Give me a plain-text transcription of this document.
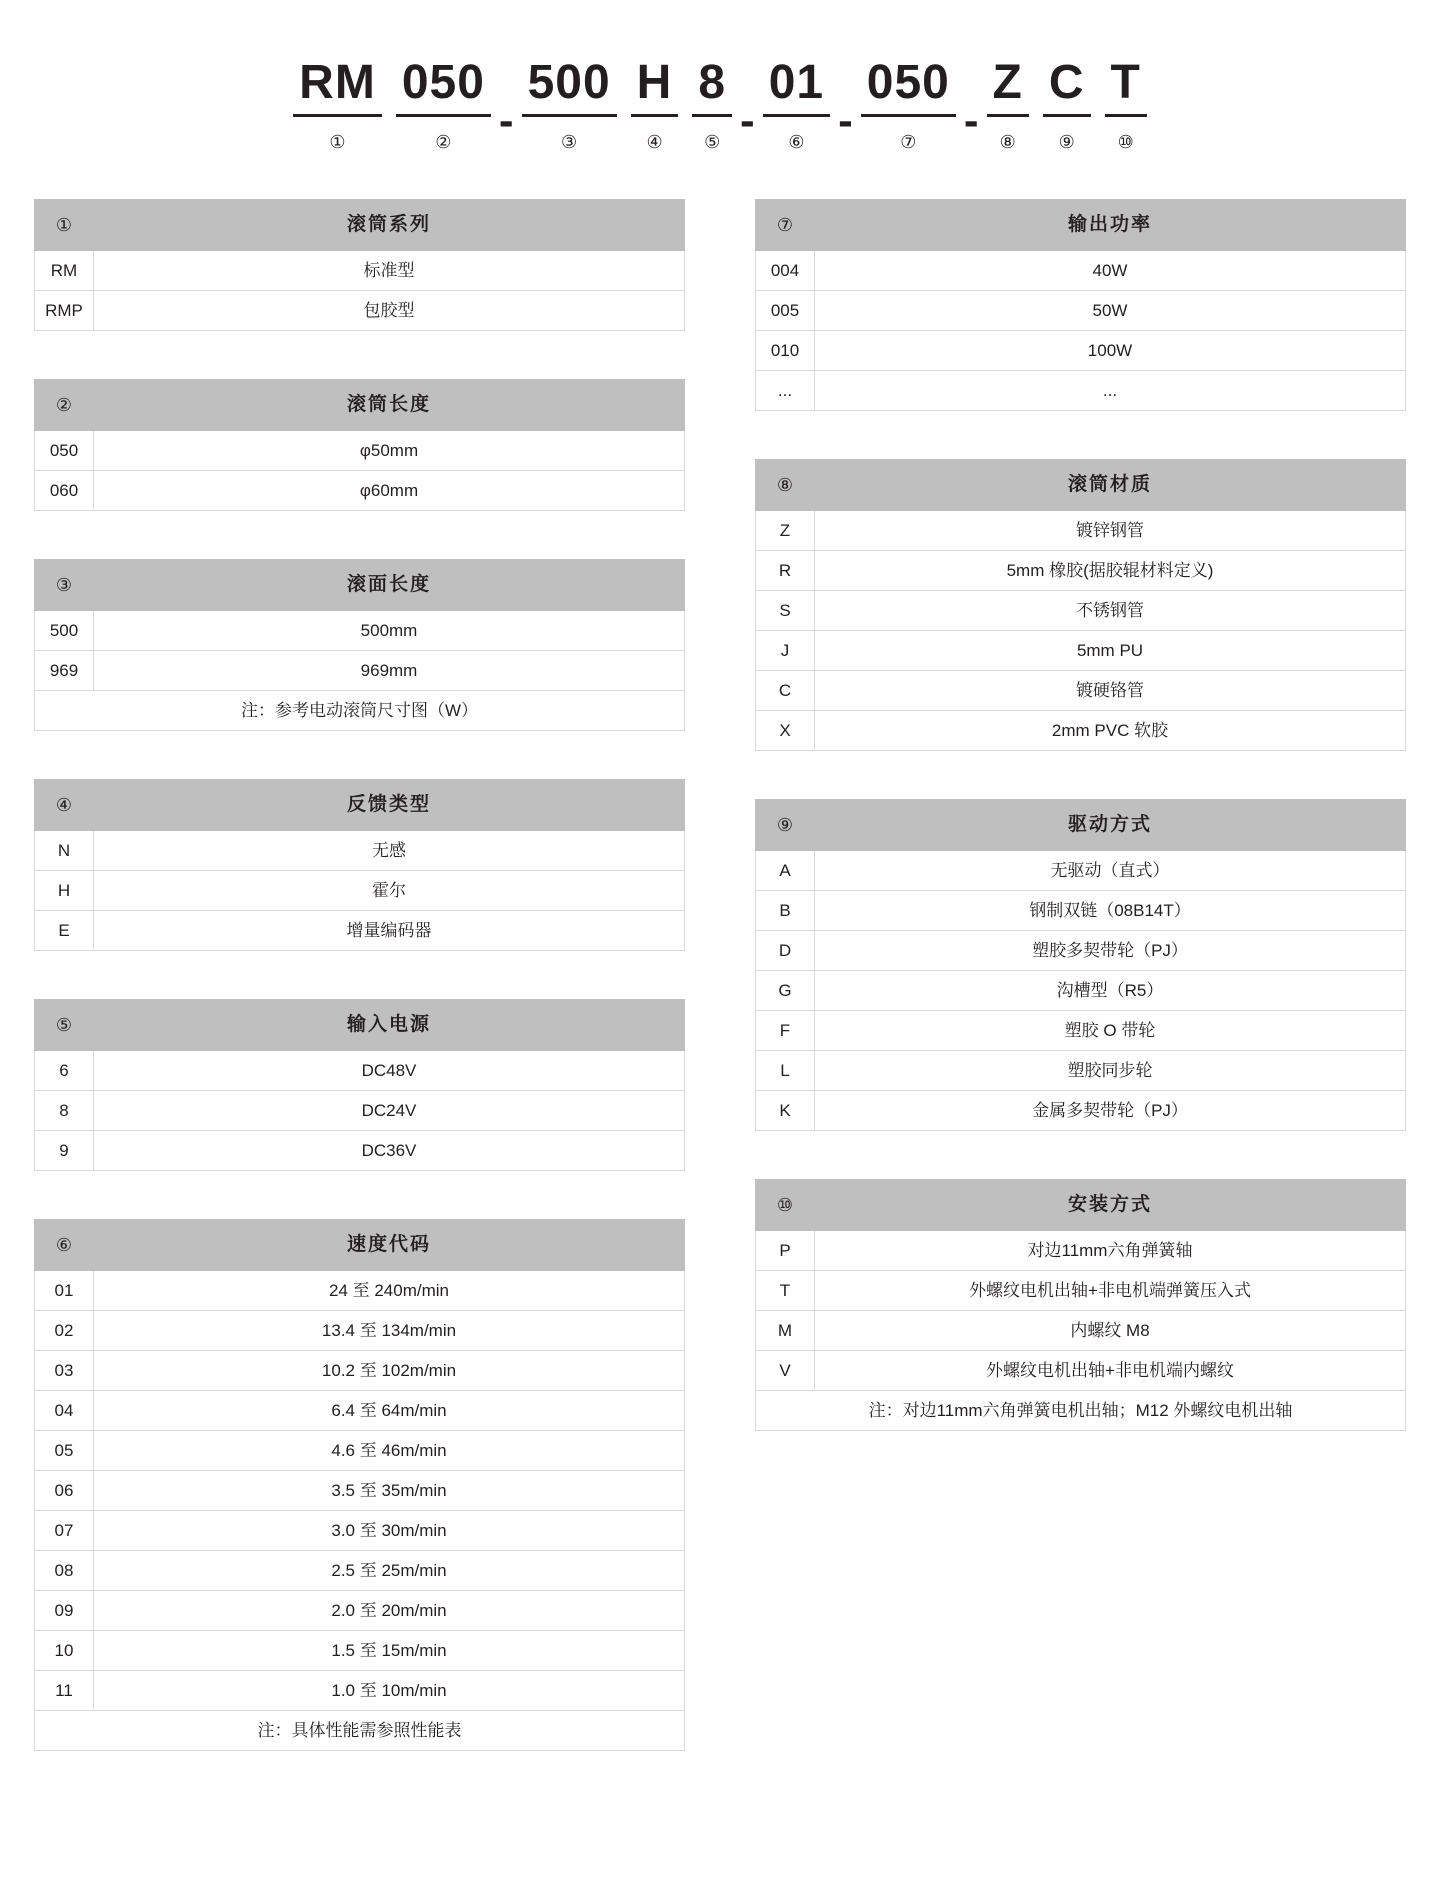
RM
①
050
② -
500
③
H
④
8
⑤ -
01
⑥ -
050
⑦ -
Z
⑧
C
⑨
T
⑩
①	滚筒系列
RM	标准型
RMP	包胶型
②	滚筒长度
050	φ50mm
060	φ60mm
③	滚面长度
500	500mm
969	969mm
注：参考电动滚筒尺寸图（W）	
④	反馈类型
N	无感
H	霍尔
E	增量编码器
⑤	输入电源
6	DC48V
8	DC24V
9	DC36V
⑥	速度代码
01	24 至 240m/min
02	13.4 至 134m/min
03	10.2 至 102m/min
04	6.4 至 64m/min
05	4.6 至 46m/min
06	3.5 至 35m/min
07	3.0 至 30m/min
08	2.5 至 25m/min
09	2.0 至 20m/min
10	1.5 至 15m/min
11	1.0 至 10m/min
注：具体性能需参照性能表	
⑦	输出功率
004	40W
005	50W
010	100W
...	...
⑧	滚筒材质
Z	镀锌钢管
R	5mm 橡胶(据胶辊材料定义)
S	不锈钢管
J	5mm PU
C	镀硬铬管
X	2mm PVC 软胶
⑨	驱动方式
A	无驱动（直式）
B	钢制双链（08B14T）
D	塑胶多契带轮（PJ）
G	沟槽型（R5）
F	塑胶 O 带轮
L	塑胶同步轮
K	金属多契带轮（PJ）
⑩	安装方式
P	对边11mm六角弹簧轴
T	外螺纹电机出轴+非电机端弹簧压入式
M	内螺纹 M8
V	外螺纹电机出轴+非电机端内螺纹
注：对边11mm六角弹簧电机出轴；M12 外螺纹电机出轴	
